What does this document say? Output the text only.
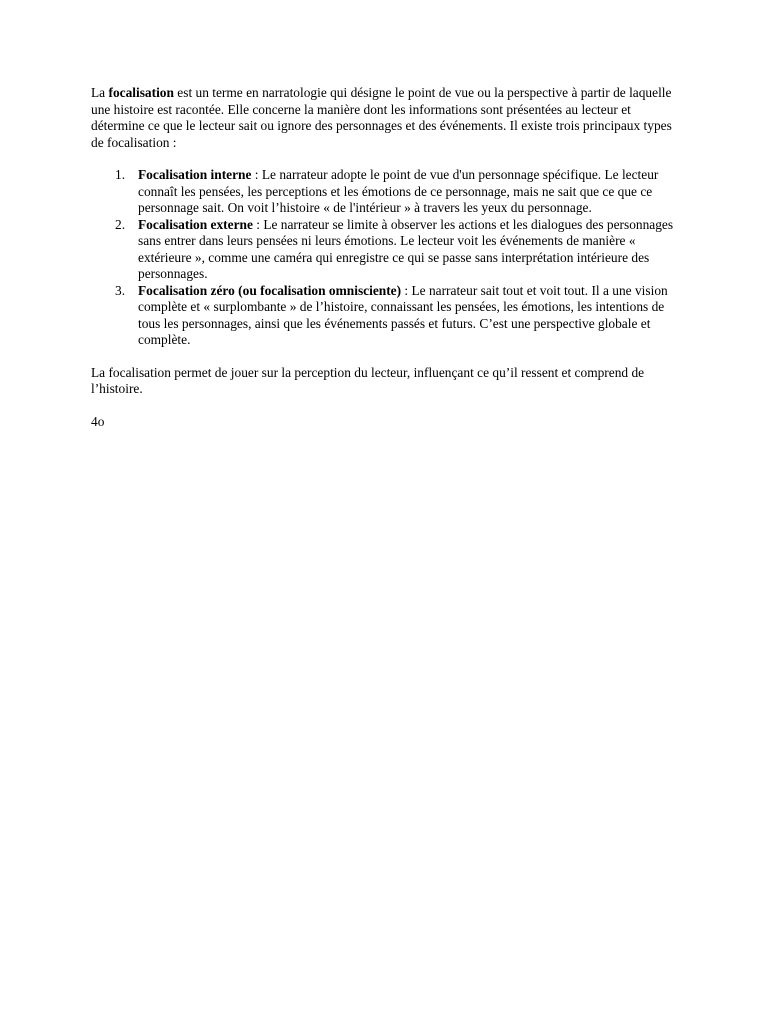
La focalisation est un terme en narratologie qui désigne le point de vue ou la perspective à partir de laquelle une histoire est racontée. Elle concerne la manière dont les informations sont présentées au lecteur et détermine ce que le lecteur sait ou ignore des personnages et des événements. Il existe trois principaux types de focalisation :

1. Focalisation interne : Le narrateur adopte le point de vue d'un personnage spécifique. Le lecteur connaît les pensées, les perceptions et les émotions de ce personnage, mais ne sait que ce que ce personnage sait. On voit l’histoire « de l'intérieur » à travers les yeux du personnage.
2. Focalisation externe : Le narrateur se limite à observer les actions et les dialogues des personnages sans entrer dans leurs pensées ni leurs émotions. Le lecteur voit les événements de manière « extérieure », comme une caméra qui enregistre ce qui se passe sans interprétation intérieure des personnages.
3. Focalisation zéro (ou focalisation omnisciente) : Le narrateur sait tout et voit tout. Il a une vision complète et « surplombante » de l’histoire, connaissant les pensées, les émotions, les intentions de tous les personnages, ainsi que les événements passés et futurs. C’est une perspective globale et complète.

La focalisation permet de jouer sur la perception du lecteur, influençant ce qu’il ressent et comprend de l’histoire.

4o
